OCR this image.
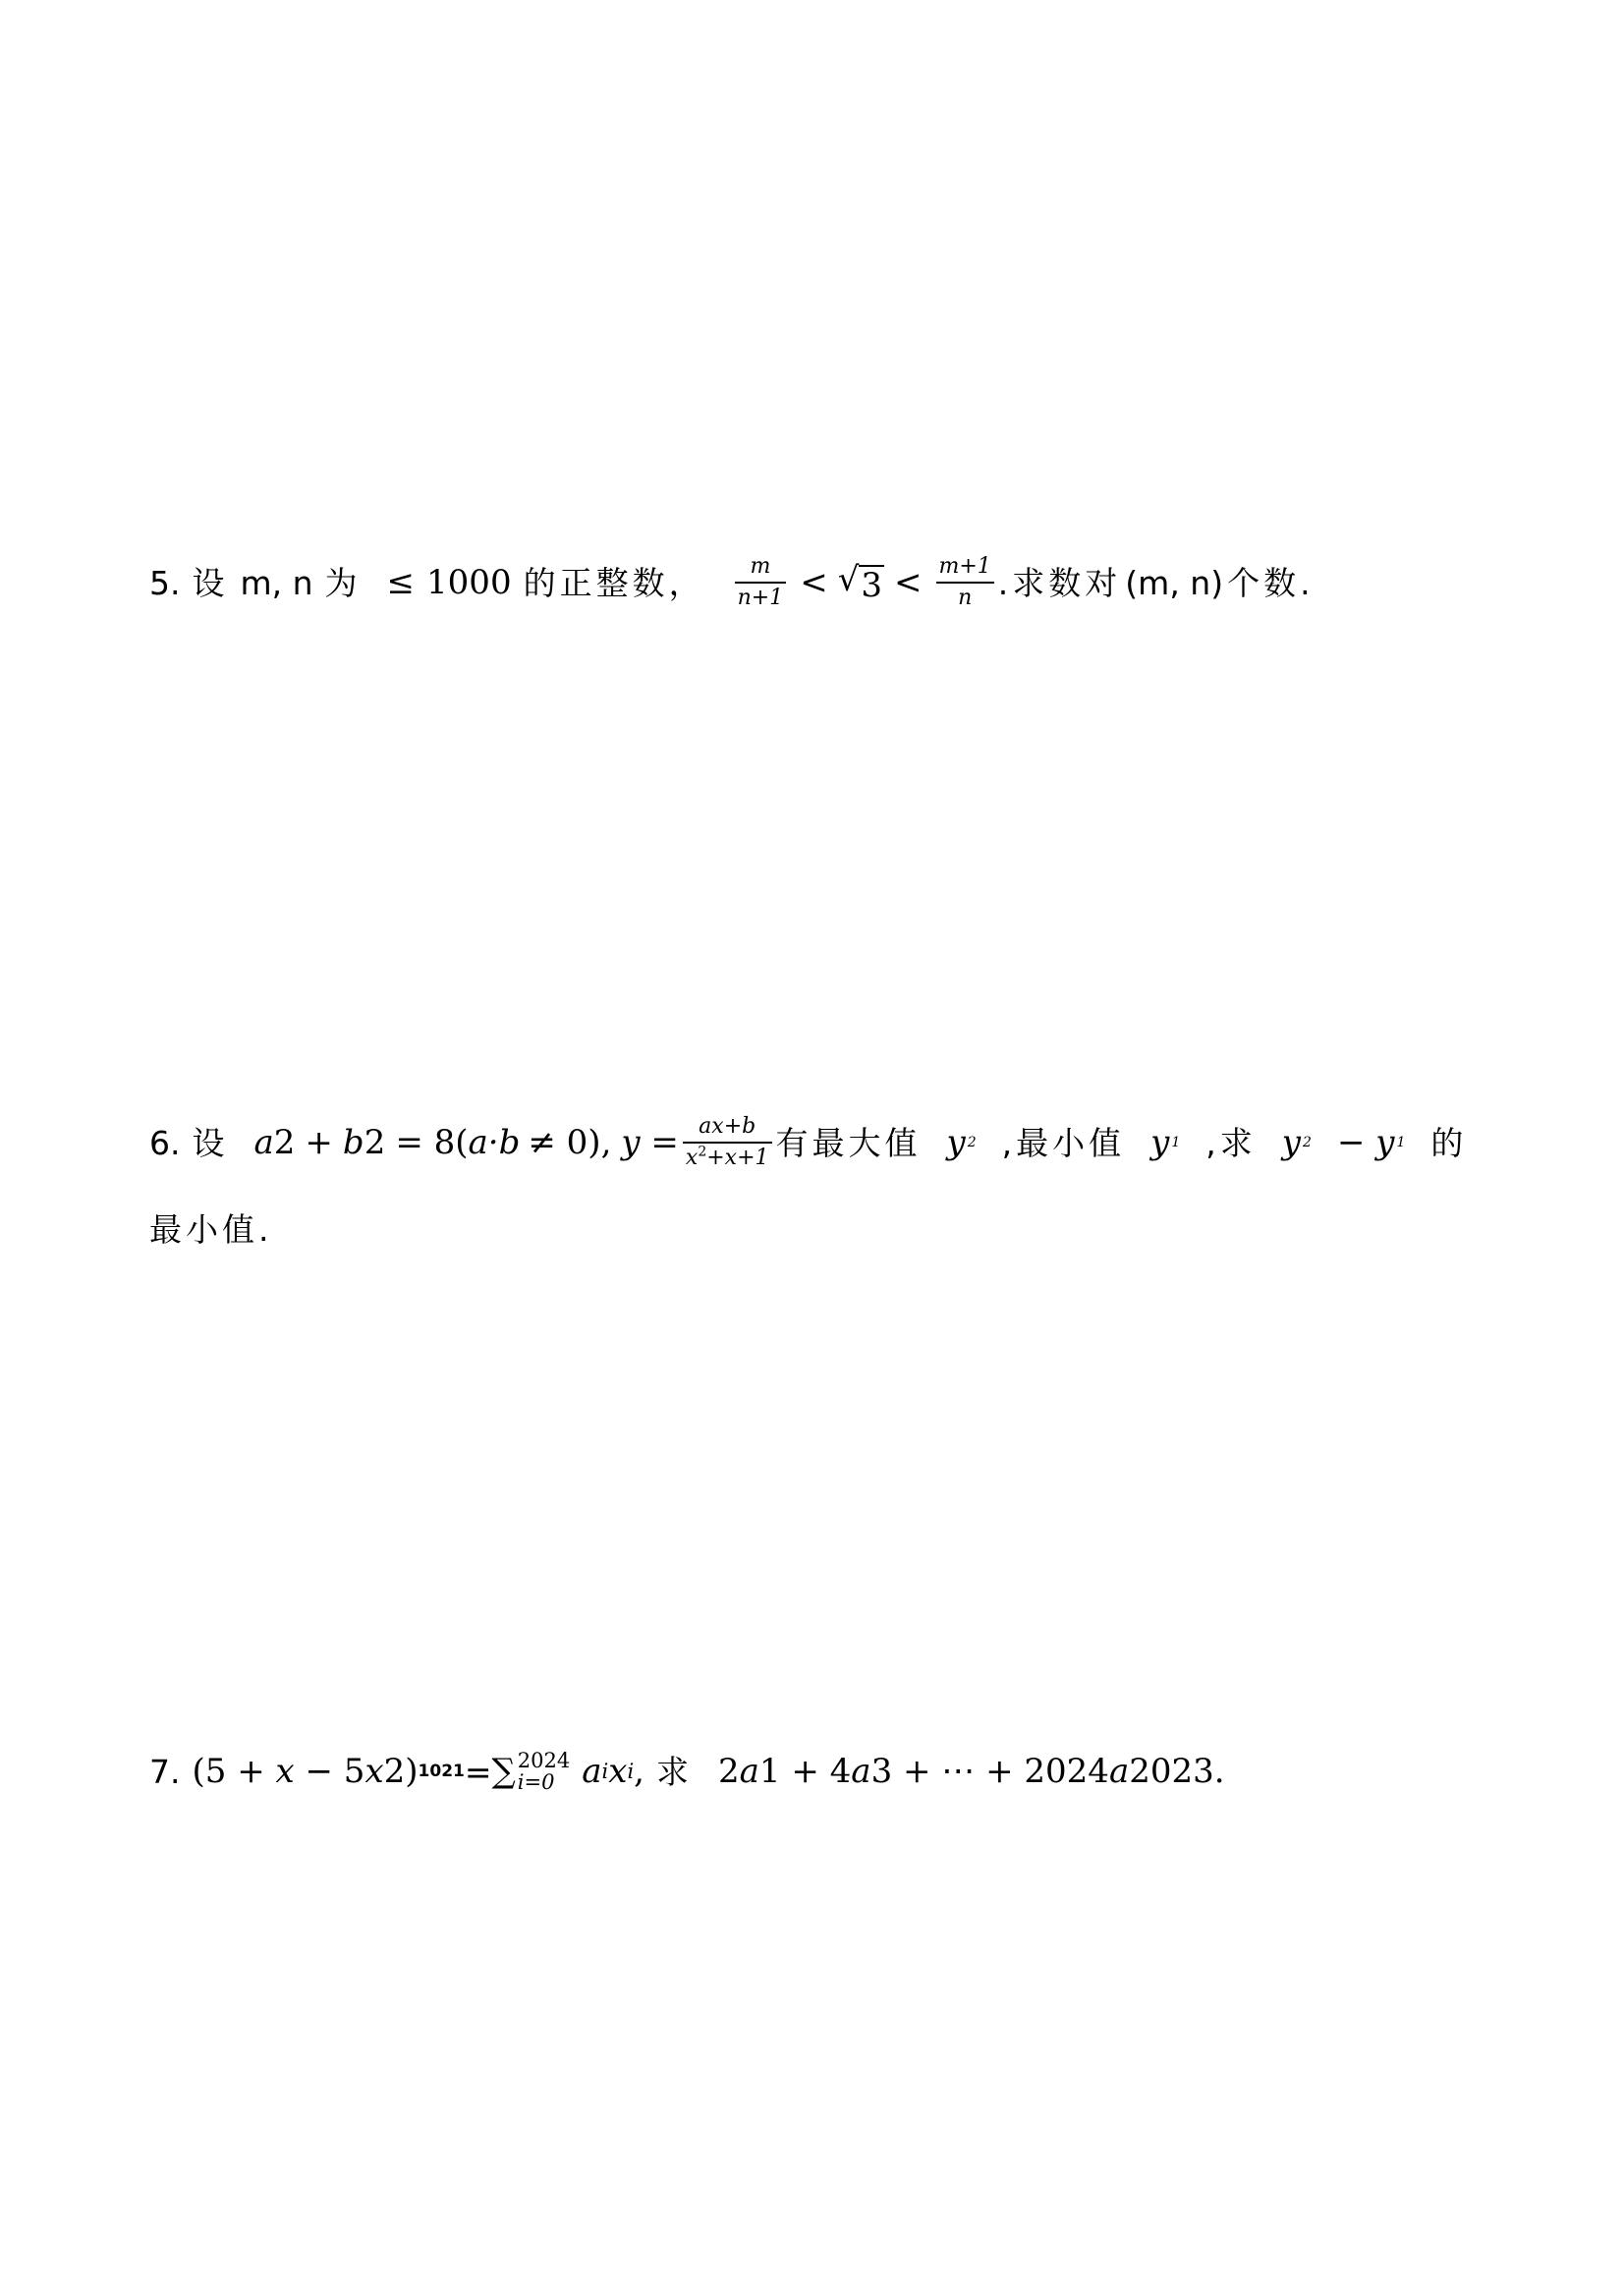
5. 设 m, n 为 ≤ 1000 的正整数， $\frac{m}{n+1}$ < √ $3 < \frac{m+1}{n}$ .求数对 (m, n) 个数.
6. 设 a 2 + b 2 = 8( a·b ≠ 0), $y = \frac{ax+b}{x^2+x+1}$ 有最大值 y 2 ,最小值 y 1 ,求 y 2 − y 1 的
最小值.
7. (5 + x − 5 x 2 ) 1021 = ∑ 2024
i=0 a i x i , 求 2 a 1 + 4 a 3 + ⋯ + 2024 a 2023 .
